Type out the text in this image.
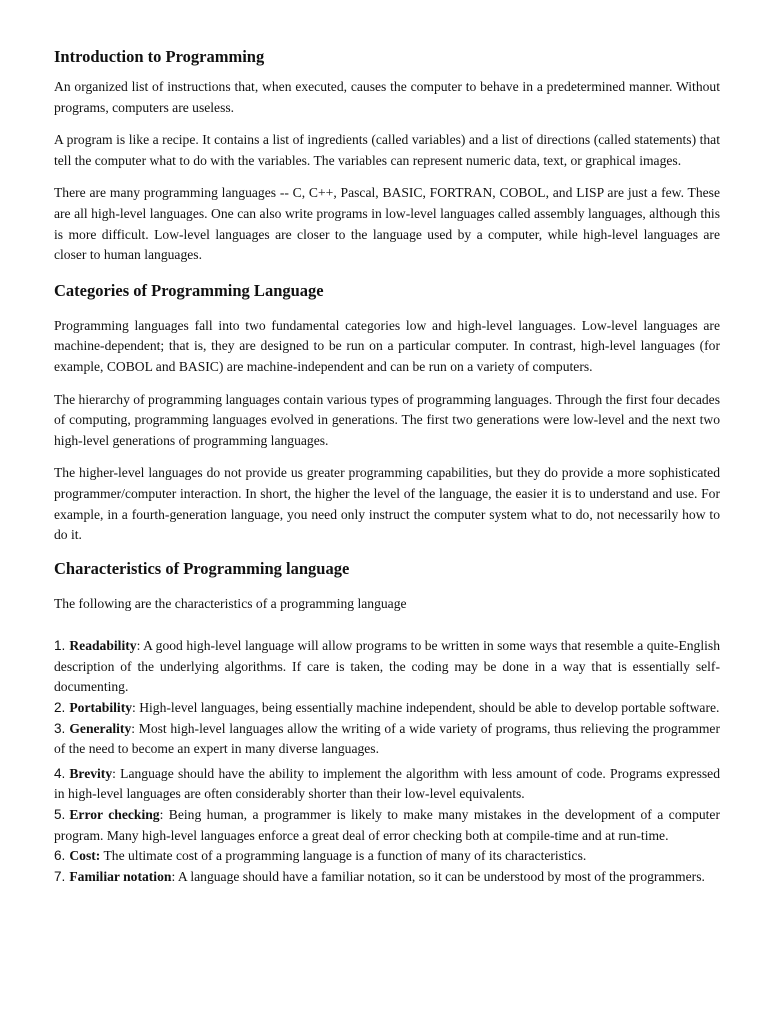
Introduction to Programming

An organized list of instructions that, when executed, causes the computer to behave in a predetermined manner. Without programs, computers are useless.

A program is like a recipe. It contains a list of ingredients (called variables) and a list of directions (called statements) that tell the computer what to do with the variables. The variables can represent numeric data, text, or graphical images.

There are many programming languages -- C, C++, Pascal, BASIC, FORTRAN, COBOL, and LISP are just a few. These are all high-level languages. One can also write programs in low-level languages called assembly languages, although this is more difficult. Low-level languages are closer to the language used by a computer, while high-level languages are closer to human languages.

Categories of Programming Language

Programming languages fall into two fundamental categories low and high-level languages. Low-level languages are machine-dependent; that is, they are designed to be run on a particular computer. In contrast, high-level languages (for example, COBOL and BASIC) are machine-independent and can be run on a variety of computers.

The hierarchy of programming languages contain various types of programming languages. Through the first four decades of computing, programming languages evolved in generations. The first two generations were low-level and the next two high-level generations of programming languages.

The higher-level languages do not provide us greater programming capabilities, but they do provide a more sophisticated programmer/computer interaction. In short, the higher the level of the language, the easier it is to understand and use. For example, in a fourth-generation language, you need only instruct the computer system what to do, not necessarily how to do it.

Characteristics of Programming language

The following are the characteristics of a programming language

1. Readability: A good high-level language will allow programs to be written in some ways that resemble a quite-English description of the underlying algorithms. If care is taken, the coding may be done in a way that is essentially self-documenting.

2. Portability: High-level languages, being essentially machine independent, should be able to develop portable software.

3. Generality: Most high-level languages allow the writing of a wide variety of programs, thus relieving the programmer of the need to become an expert in many diverse languages.

4. Brevity: Language should have the ability to implement the algorithm with less amount of code. Programs expressed in high-level languages are often considerably shorter than their low-level equivalents.

5. Error checking: Being human, a programmer is likely to make many mistakes in the development of a computer program. Many high-level languages enforce a great deal of error checking both at compile-time and at run-time.

6. Cost: The ultimate cost of a programming language is a function of many of its characteristics.

7. Familiar notation: A language should have a familiar notation, so it can be understood by most of the programmers.
